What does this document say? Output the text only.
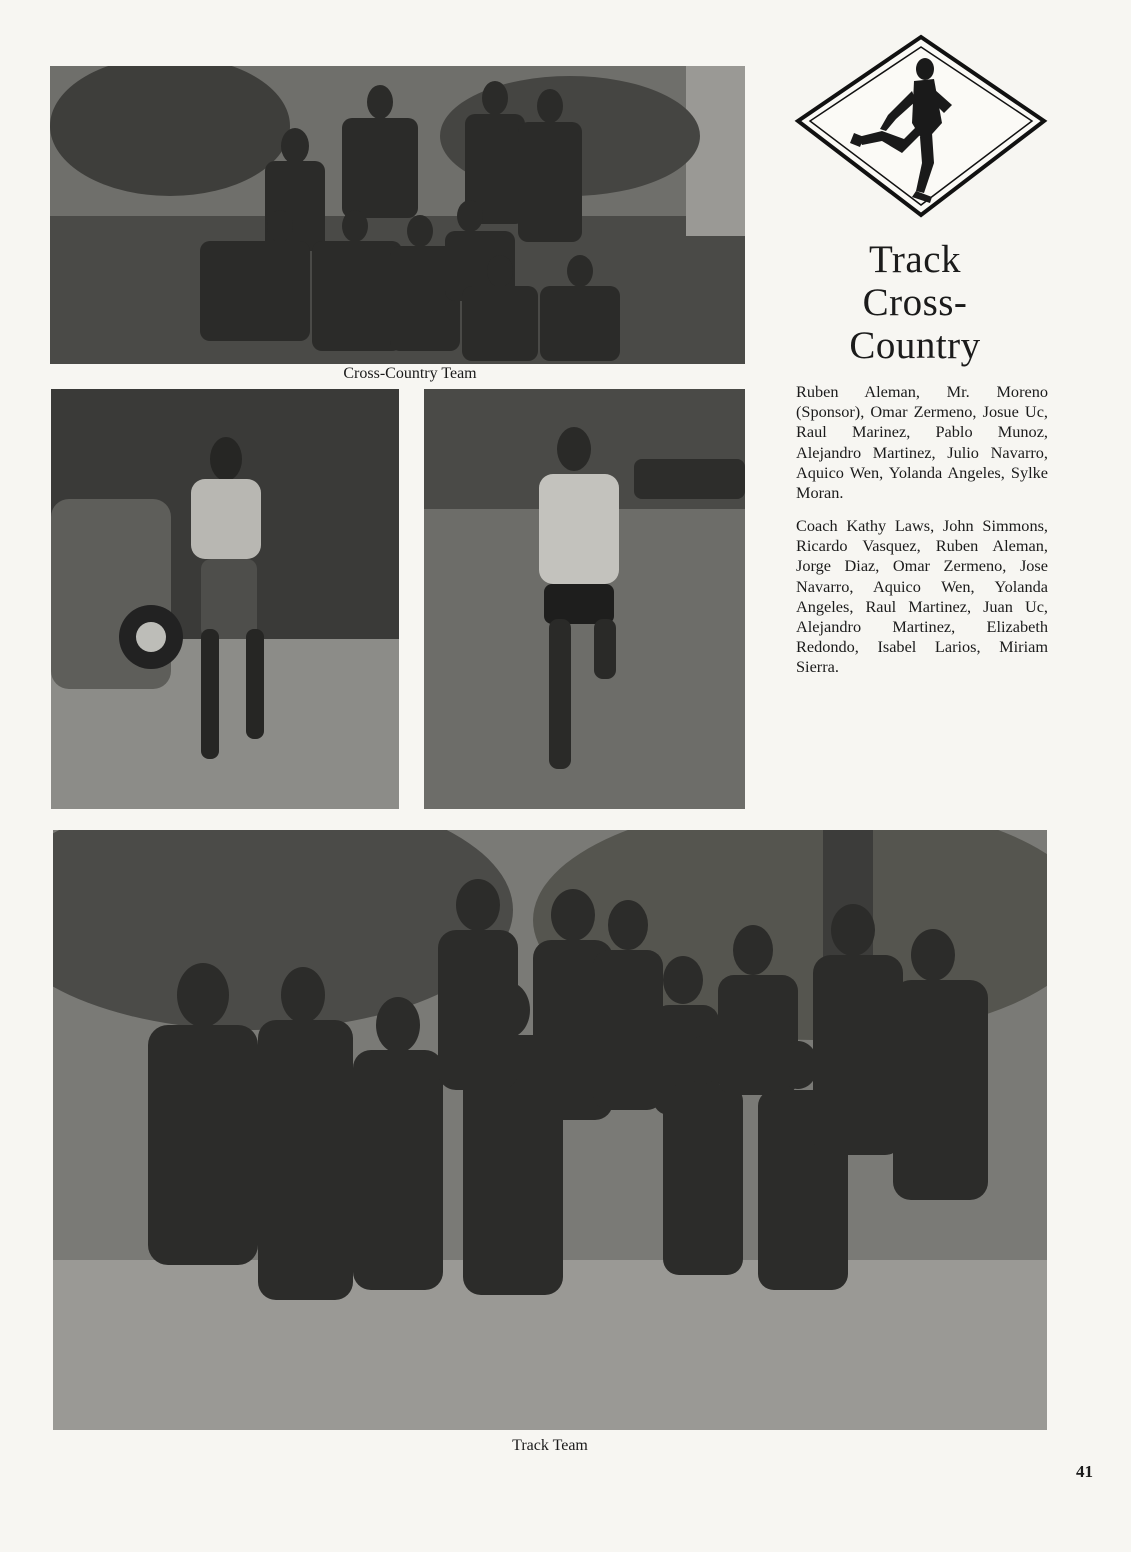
Cross-Country Team
Track
Cross-
Country
Ruben Aleman, Mr. Moreno (Sponsor), Omar Zermeno, Josue Uc, Raul Marinez, Pablo Munoz, Alejandro Martinez, Julio Navarro, Aquico Wen, Yolanda Angeles, Sylke Moran.
Coach Kathy Laws, John Simmons, Ricardo Vasquez, Ruben Aleman, Jorge Diaz, Omar Zermeno, Jose Navarro, Aquico Wen, Yolanda Angeles, Raul Martinez, Juan Uc, Alejandro Martinez, Elizabeth Redondo, Isabel Larios, Miriam Sierra.
Track Team
41
